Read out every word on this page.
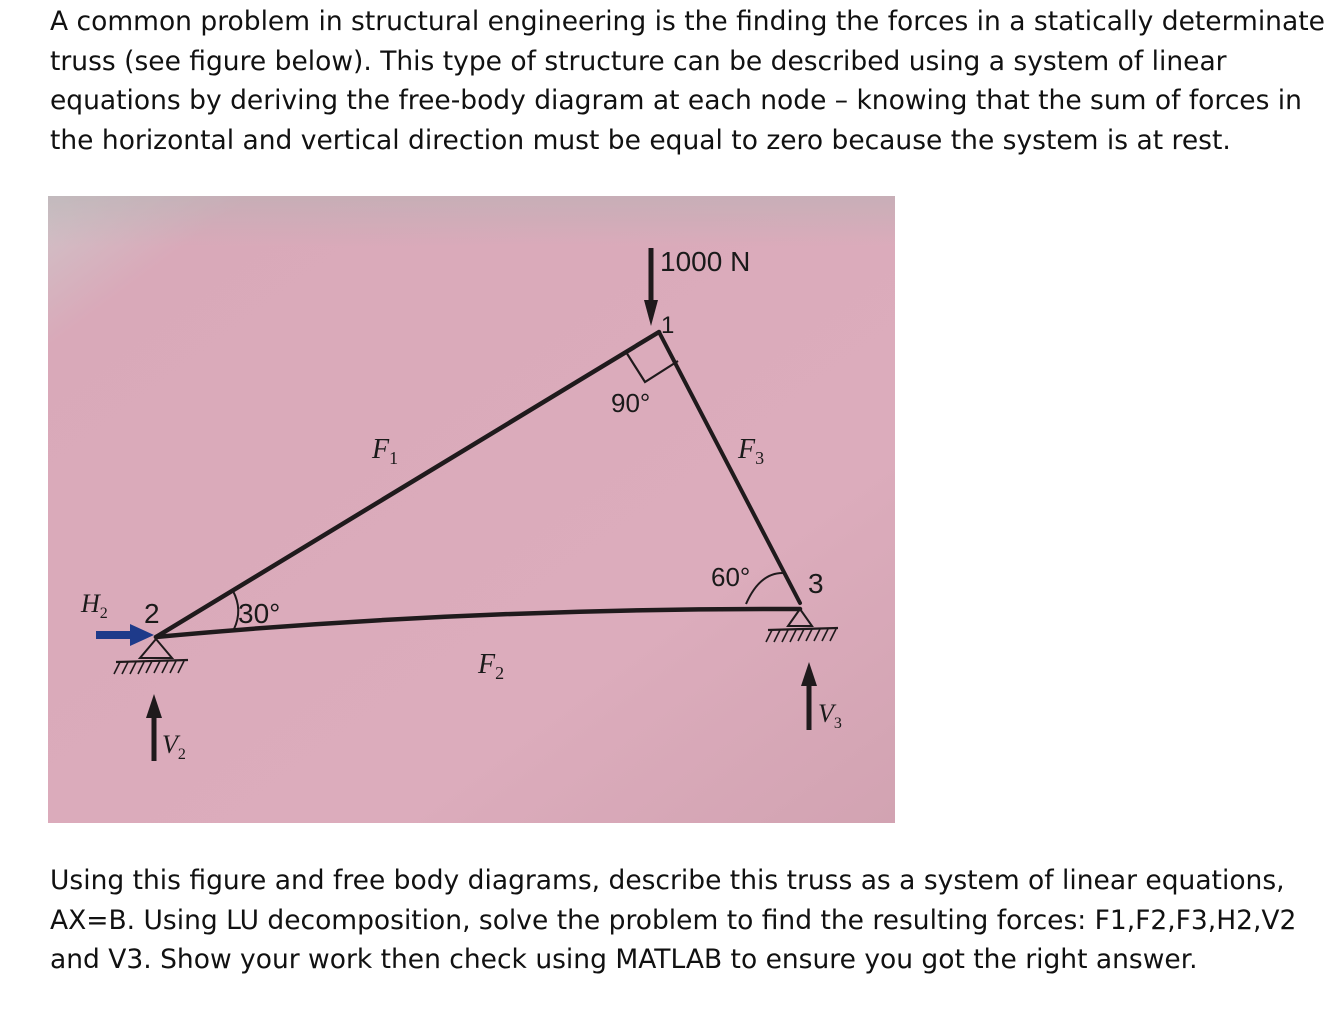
A common problem in structural engineering is the finding the forces in a statically determinate
truss (see figure below). This type of structure can be described using a system of linear
equations by deriving the free-body diagram at each node – knowing that the sum of forces in
the horizontal and vertical direction must be equal to zero because the system is at rest.
1000 N
1
90°
30°
60°
2
3
$F_1$
$F_2$
$F_3$
$H_2$
$V_2$
$V_3$
Using this figure and free body diagrams, describe this truss as a system of linear equations,
AX=B. Using LU decomposition, solve the problem to find the resulting forces: F1,F2,F3,H2,V2
and V3. Show your work then check using MATLAB to ensure you got the right answer.
